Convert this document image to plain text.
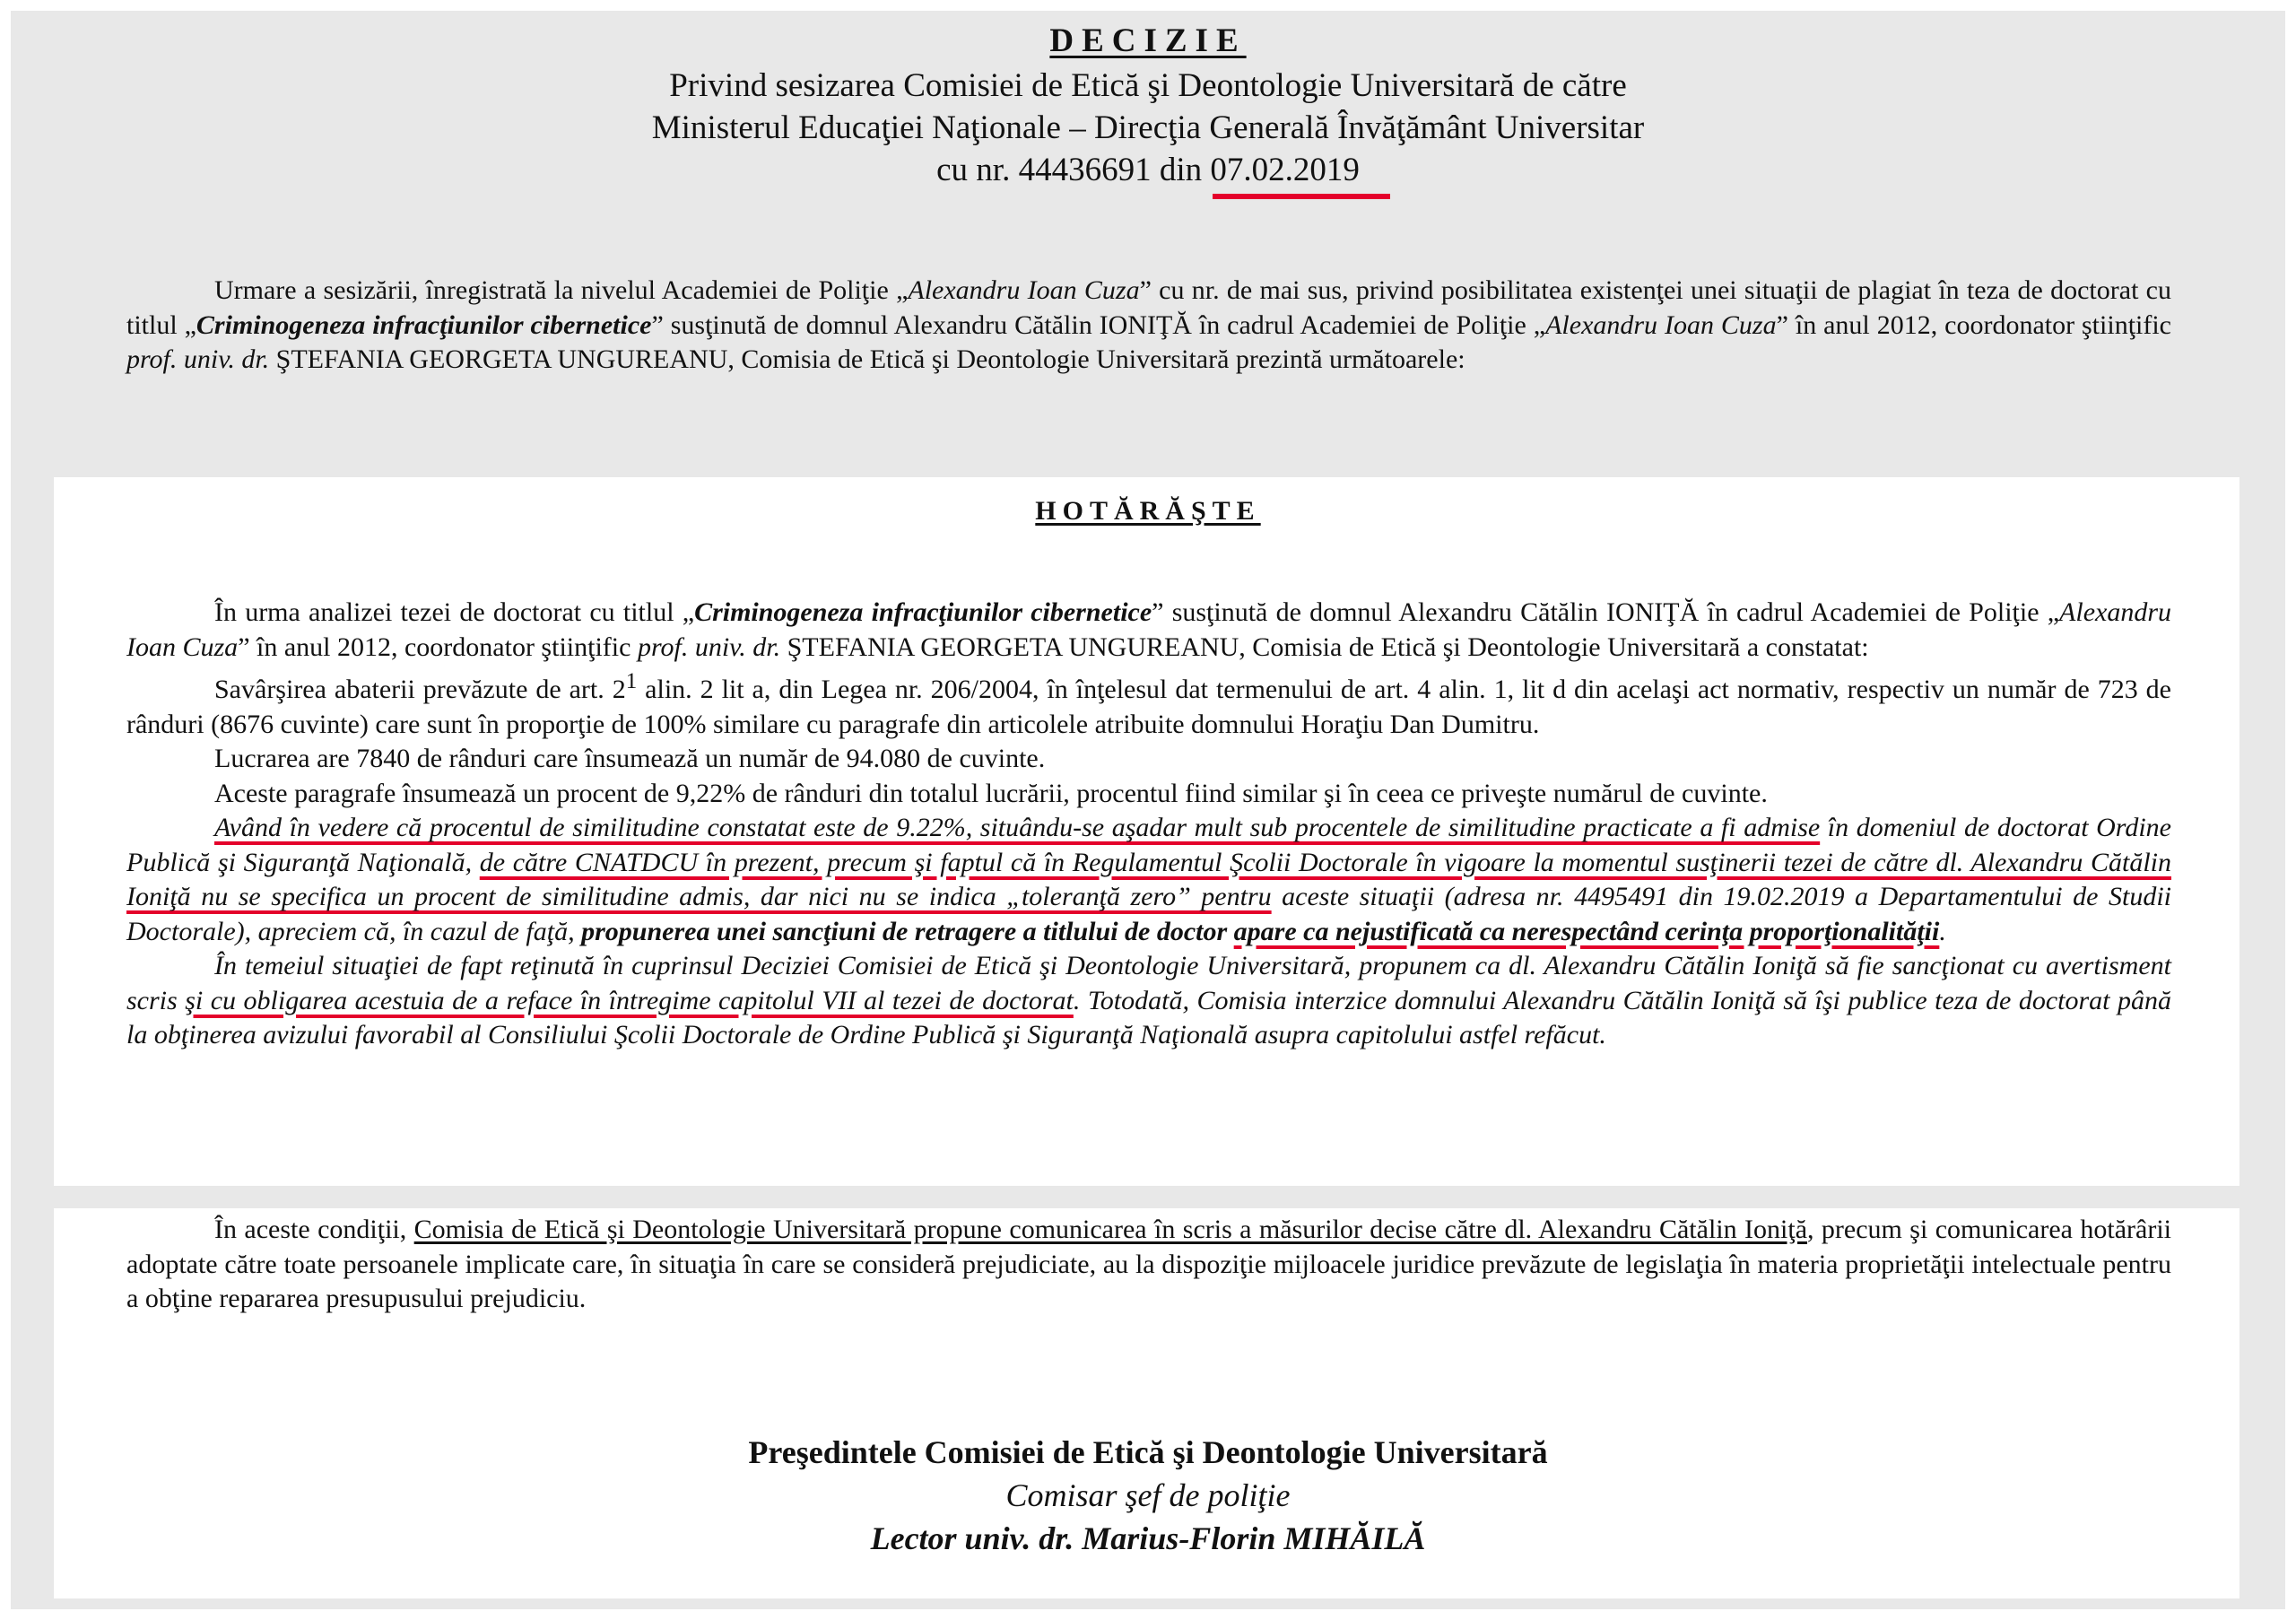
DECIZIE
Privind sesizarea Comisiei de Etică şi Deontologie Universitară de către
Ministerul Educaţiei Naţionale – Direcţia Generală Învăţământ Universitar
cu nr. 44436691 din 07.02.2019

Urmare a sesizării, înregistrată la nivelul Academiei de Poliţie „Alexandru Ioan Cuza” cu nr. de mai sus, privind posibilitatea existenţei unei situaţii de plagiat în teza de doctorat cu titlul „Criminogeneza infracţiunilor cibernetice” susţinută de domnul Alexandru Cătălin IONIŢĂ în cadrul Academiei de Poliţie „Alexandru Ioan Cuza” în anul 2012, coordonator ştiinţific prof. univ. dr. ŞTEFANIA GEORGETA UNGUREANU, Comisia de Etică şi Deontologie Universitară prezintă următoarele:

HOTĂRĂŞTE

În urma analizei tezei de doctorat cu titlul „Criminogeneza infracţiunilor cibernetice” susţinută de domnul Alexandru Cătălin IONIŢĂ în cadrul Academiei de Poliţie „Alexandru Ioan Cuza” în anul 2012, coordonator ştiinţific prof. univ. dr. ŞTEFANIA GEORGETA UNGUREANU, Comisia de Etică şi Deontologie Universitară a constatat:

Savârşirea abaterii prevăzute de art. $2^1$ alin. 2 lit a, din Legea nr. 206/2004, în înţelesul dat termenului de art. 4 alin. 1, lit d din acelaşi act normativ, respectiv un număr de 723 de rânduri (8676 cuvinte) care sunt în proporţie de 100% similare cu paragrafe din articolele atribuite domnului Horaţiu Dan Dumitru.

Lucrarea are 7840 de rânduri care însumează un număr de 94.080 de cuvinte.

Aceste paragrafe însumează un procent de 9,22% de rânduri din totalul lucrării, procentul fiind similar şi în ceea ce priveşte numărul de cuvinte.

Având în vedere că procentul de similitudine constatat este de 9.22%, situându-se aşadar mult sub procentele de similitudine practicate a fi admise în domeniul de doctorat Ordine Publică şi Siguranţă Naţională, de către CNATDCU în prezent, precum şi faptul că în Regulamentul Şcolii Doctorale în vigoare la momentul susţinerii tezei de către dl. Alexandru Cătălin Ioniţă nu se specifica un procent de similitudine admis, dar nici nu se indica „toleranţă zero” pentru aceste situaţii (adresa nr. 4495491 din 19.02.2019 a Departamentului de Studii Doctorale), apreciem că, în cazul de faţă, propunerea unei sancţiuni de retragere a titlului de doctor apare ca nejustificată ca nerespectând cerinţa proporţionalităţii.

În temeiul situaţiei de fapt reţinută în cuprinsul Deciziei Comisiei de Etică şi Deontologie Universitară, propunem ca dl. Alexandru Cătălin Ioniţă să fie sancţionat cu avertisment scris şi cu obligarea acestuia de a reface în întregime capitolul VII al tezei de doctorat. Totodată, Comisia interzice domnului Alexandru Cătălin Ioniţă să îşi publice teza de doctorat până la obţinerea avizului favorabil al Consiliului Şcolii Doctorale de Ordine Publică şi Siguranţă Naţională asupra capitolului astfel refăcut.

În aceste condiţii, Comisia de Etică şi Deontologie Universitară propune comunicarea în scris a măsurilor decise către dl. Alexandru Cătălin Ioniţă, precum şi comunicarea hotărârii adoptate către toate persoanele implicate care, în situaţia în care se consideră prejudiciate, au la dispoziţie mijloacele juridice prevăzute de legislaţia în materia proprietăţii intelectuale pentru a obţine repararea presupusului prejudiciu.

Preşedintele Comisiei de Etică şi Deontologie Universitară
Comisar şef de poliţie
Lector univ. dr. Marius-Florin MIHĂILĂ
